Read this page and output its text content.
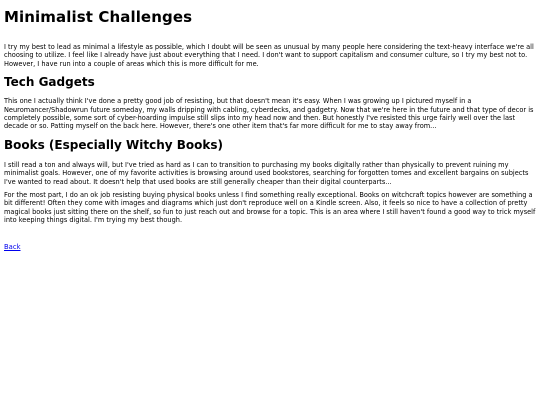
Minimalist Challenges

I try my best to lead as minimal a lifestyle as possible, which I doubt will be seen as unusual by many people here considering the text-heavy interface we're all choosing to utilize. I feel like I already have just about everything that I need. I don't want to support capitalism and consumer culture, so I try my best not to. However, I have run into a couple of areas which this is more difficult for me.

Tech Gadgets

This one I actually think I've done a pretty good job of resisting, but that doesn't mean it's easy. When I was growing up I pictured myself in a Neuromancer/Shadowrun future someday, my walls dripping with cabling, cyberdecks, and gadgetry. Now that we're here in the future and that type of decor is completely possible, some sort of cyber-hoarding impulse still slips into my head now and then. But honestly I've resisted this urge fairly well over the last decade or so. Patting myself on the back here. However, there's one other item that's far more difficult for me to stay away from...

Books (Especially Witchy Books)

I still read a ton and always will, but I've tried as hard as I can to transition to purchasing my books digitally rather than physically to prevent ruining my minimalist goals. However, one of my favorite activities is browsing around used bookstores, searching for forgotten tomes and excellent bargains on subjects I've wanted to read about. It doesn't help that used books are still generally cheaper than their digital counterparts...

For the most part, I do an ok job resisting buying physical books unless I find something really exceptional. Books on witchcraft topics however are something a bit different! Often they come with images and diagrams which just don't reproduce well on a Kindle screen. Also, it feels so nice to have a collection of pretty magical books just sitting there on the shelf, so fun to just reach out and browse for a topic. This is an area where I still haven't found a good way to trick myself into keeping things digital. I'm trying my best though.

Back
